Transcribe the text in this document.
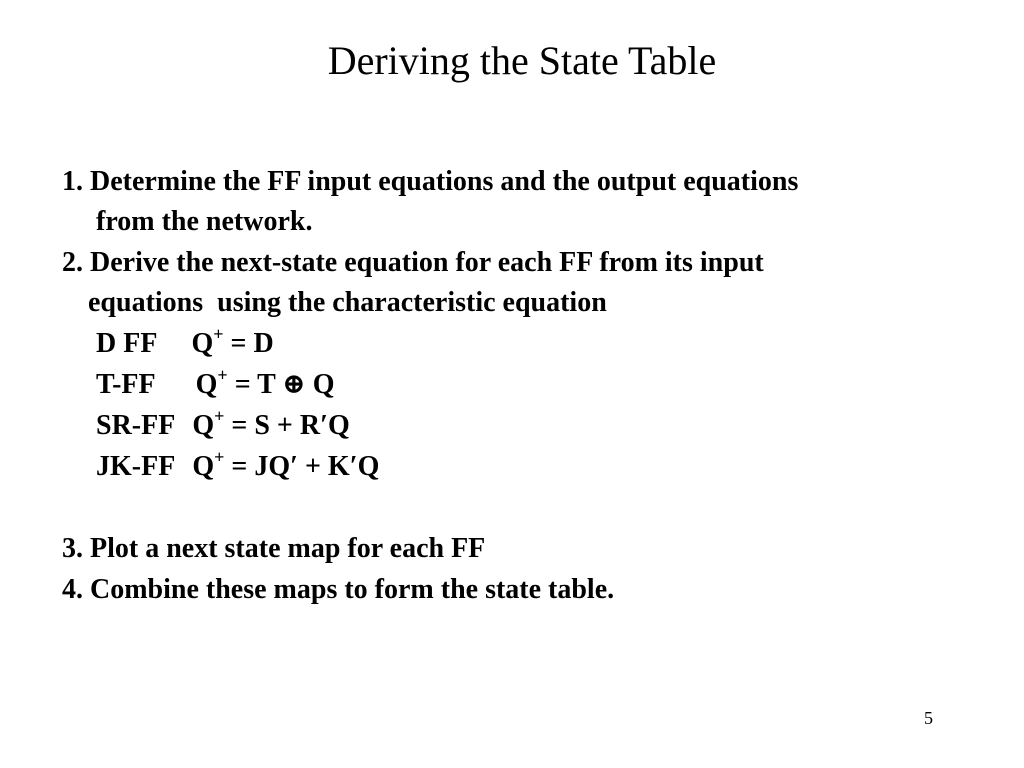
Deriving the State Table
1. Determine the FF input equations and the output equations
from the network.
2. Derive the next-state equation for each FF from its input
equations  using the characteristic equation
D FF Q+ = D
T-FF Q+ = T ⊕ Q
SR-FF Q+ = S + R′Q
JK-FF Q+ = JQ′ + K′Q
3. Plot a next state map for each FF
4. Combine these maps to form the state table.
5
